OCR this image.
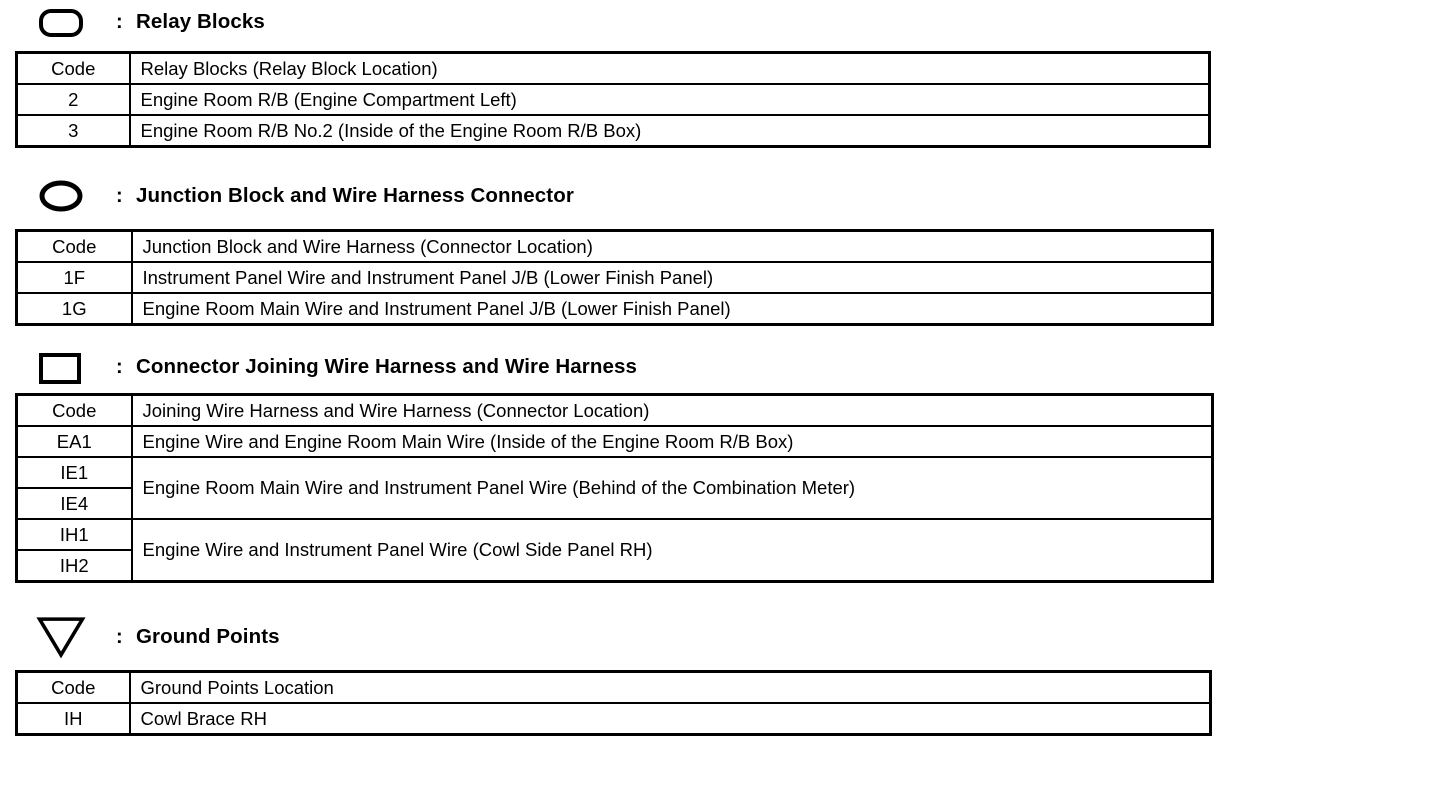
: Relay Blocks
Code	Relay Blocks (Relay Block Location)
2	Engine Room R/B (Engine Compartment Left)
3	Engine Room R/B No.2 (Inside of the Engine Room R/B Box)
: Junction Block and Wire Harness Connector
Code	Junction Block and Wire Harness (Connector Location)
1F	Instrument Panel Wire and Instrument Panel J/B (Lower Finish Panel)
1G	Engine Room Main Wire and Instrument Panel J/B (Lower Finish Panel)
: Connector Joining Wire Harness and Wire Harness
Code	Joining Wire Harness and Wire Harness (Connector Location)
EA1	Engine Wire and Engine Room Main Wire (Inside of the Engine Room R/B Box)
IE1	Engine Room Main Wire and Instrument Panel Wire (Behind of the Combination Meter)
IE4	
IH1	Engine Wire and Instrument Panel Wire (Cowl Side Panel RH)
IH2	
: Ground Points
Code	Ground Points Location
IH	Cowl Brace RH
